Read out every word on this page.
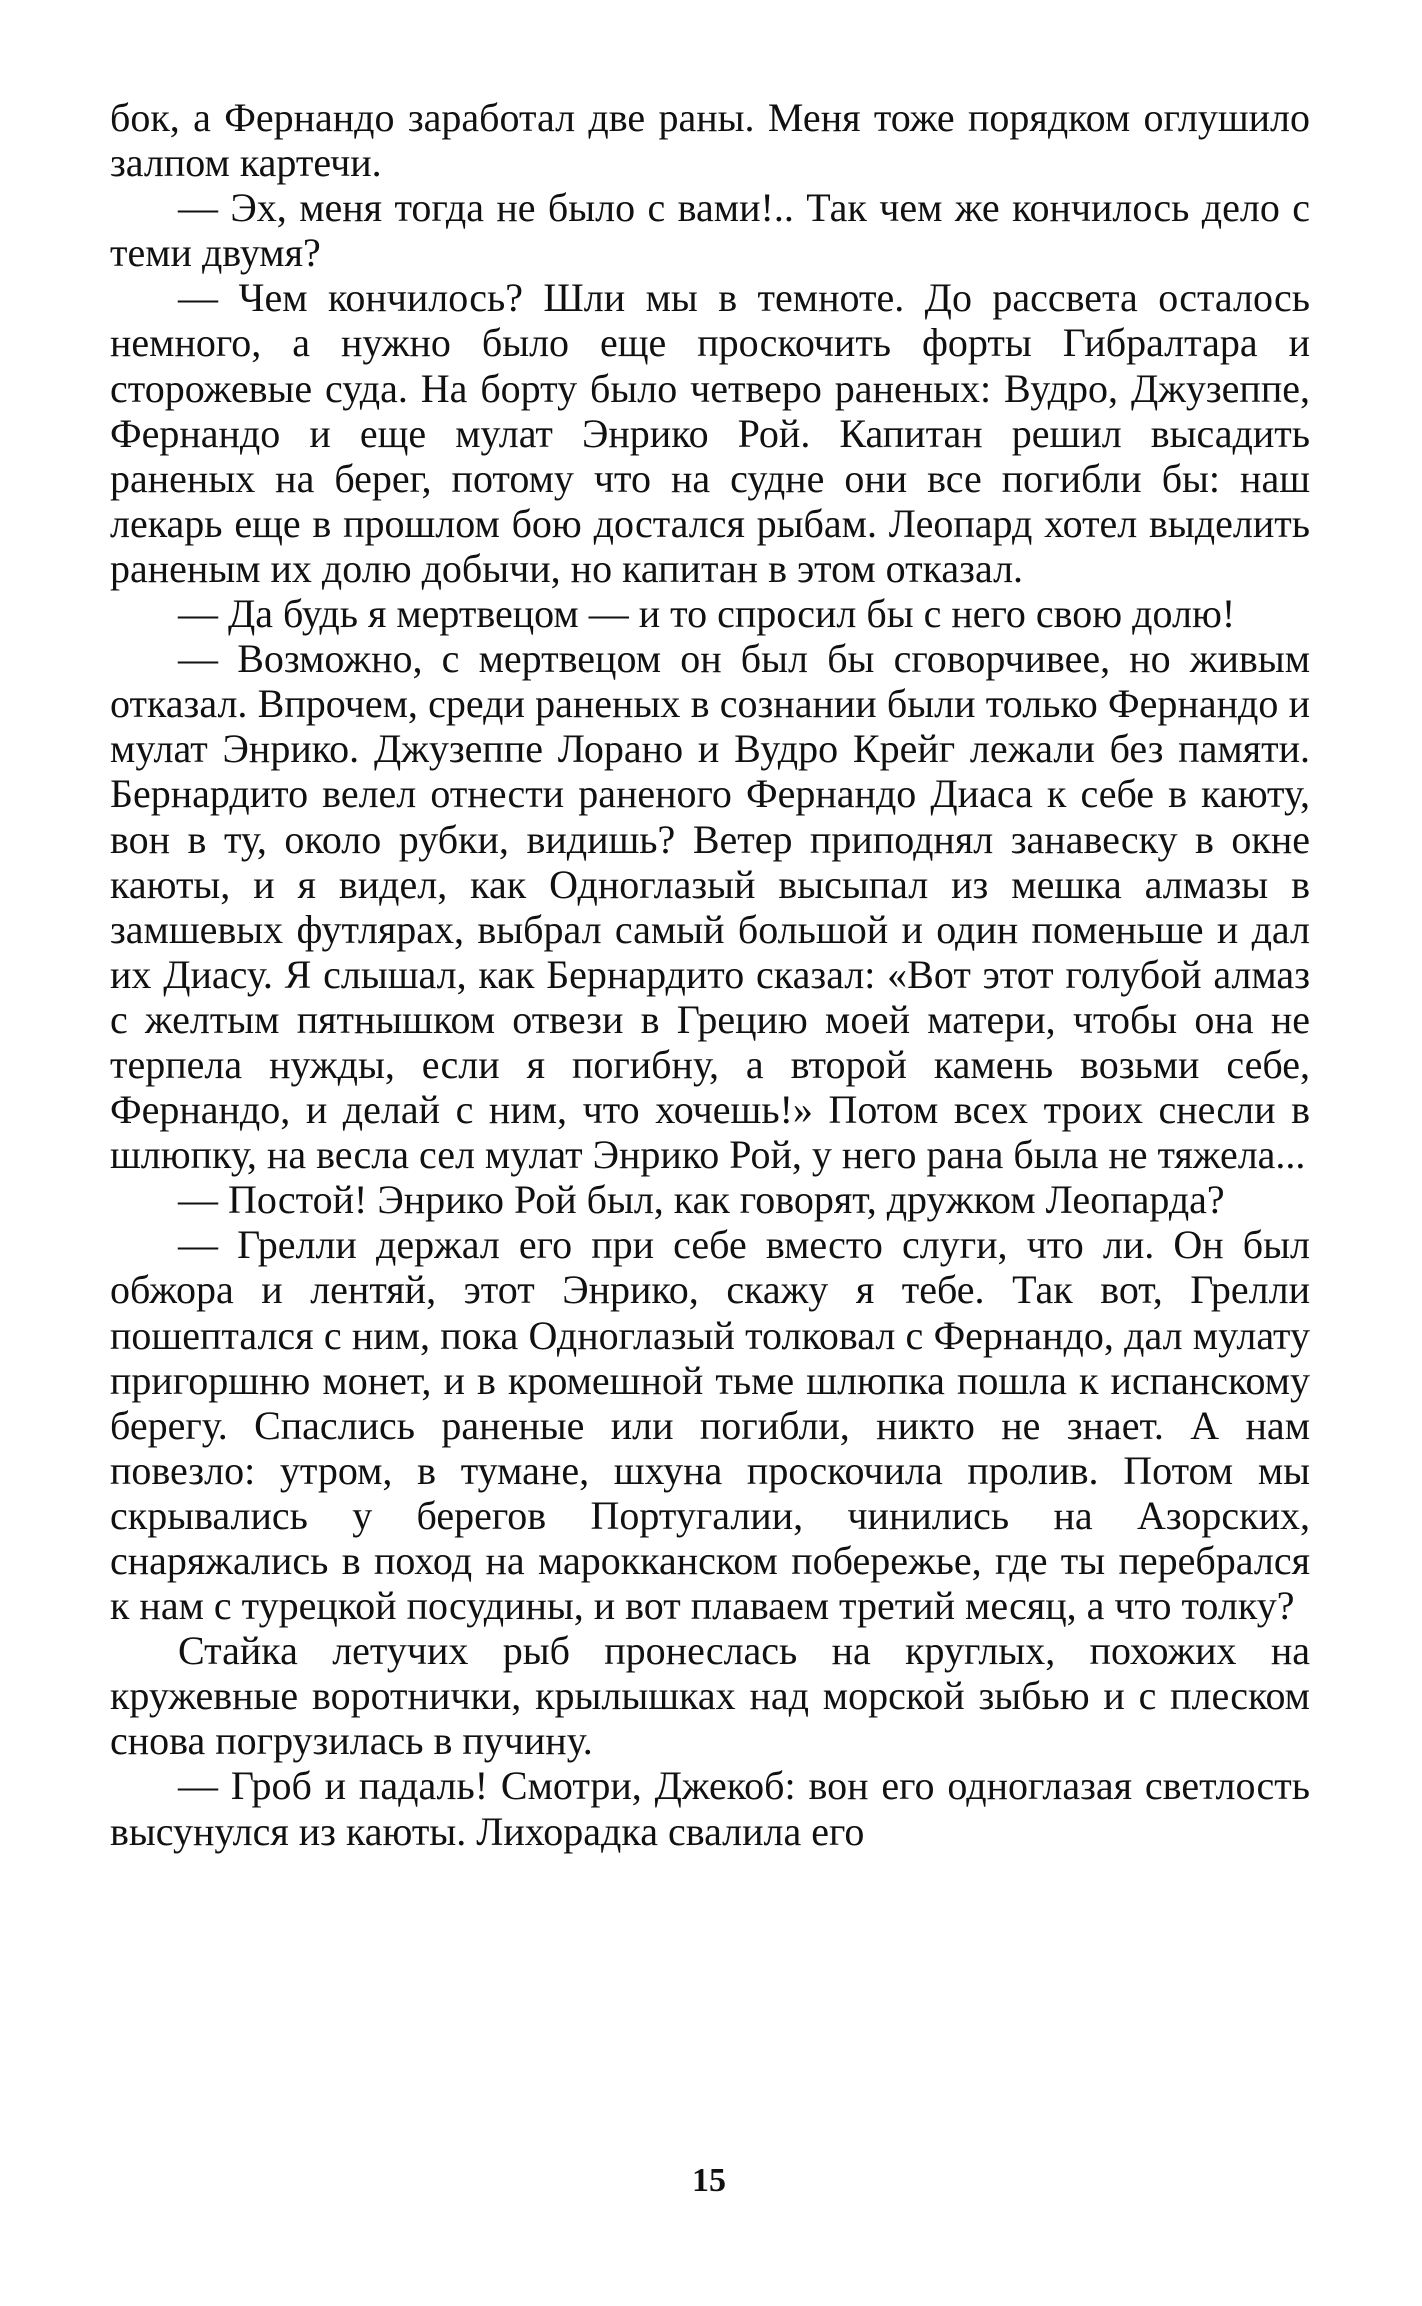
бок, а Фернандо заработал две раны. Меня тоже порядком оглушило залпом картечи.

— Эх, меня тогда не было с вами!.. Так чем же кончилось дело с теми двумя?

— Чем кончилось? Шли мы в темноте. До рассвета осталось немного, а нужно было еще проскочить форты Гибралтара и сторожевые суда. На борту было четверо раненых: Вудро, Джузеппе, Фернандо и еще мулат Энрико Рой. Капитан решил высадить раненых на берег, потому что на судне они все погибли бы: наш лекарь еще в прошлом бою достался рыбам. Леопард хотел выделить раненым их долю добычи, но капитан в этом отказал.

— Да будь я мертвецом — и то спросил бы с него свою долю!

— Возможно, с мертвецом он был бы сговорчивее, но живым отказал. Впрочем, среди раненых в сознании были только Фернандо и мулат Энрико. Джузеппе Лорано и Вудро Крейг лежали без памяти. Бернардито велел отнести раненого Фернандо Диаса к себе в каюту, вон в ту, около рубки, видишь? Ветер приподнял занавеску в окне каюты, и я видел, как Одноглазый высыпал из мешка алмазы в замшевых футлярах, выбрал самый большой и один поменьше и дал их Диасу. Я слышал, как Бернардито сказал: «Вот этот голубой алмаз с желтым пятнышком отвези в Грецию моей матери, чтобы она не терпела нужды, если я погибну, а второй камень возьми себе, Фернандо, и делай с ним, что хочешь!» Потом всех троих снесли в шлюпку, на весла сел мулат Энрико Рой, у него рана была не тяжела...

— Постой! Энрико Рой был, как говорят, дружком Леопарда?

— Грелли держал его при себе вместо слуги, что ли. Он был обжора и лентяй, этот Энрико, скажу я тебе. Так вот, Грелли пошептался с ним, пока Одноглазый толковал с Фернандо, дал мулату пригоршню монет, и в кромешной тьме шлюпка пошла к испанскому берегу. Спаслись раненые или погибли, никто не знает. А нам повезло: утром, в тумане, шхуна проскочила пролив. Потом мы скрывались у берегов Португалии, чинились на Азорских, снаряжались в поход на марокканском побережье, где ты перебрался к нам с турецкой посудины, и вот плаваем третий месяц, а что толку?

Стайка летучих рыб пронеслась на круглых, похожих на кружевные воротнички, крылышках над морской зыбью и с плеском снова погрузилась в пучину.

— Гроб и падаль! Смотри, Джекоб: вон его одноглазая светлость высунулся из каюты. Лихорадка свалила его

15
